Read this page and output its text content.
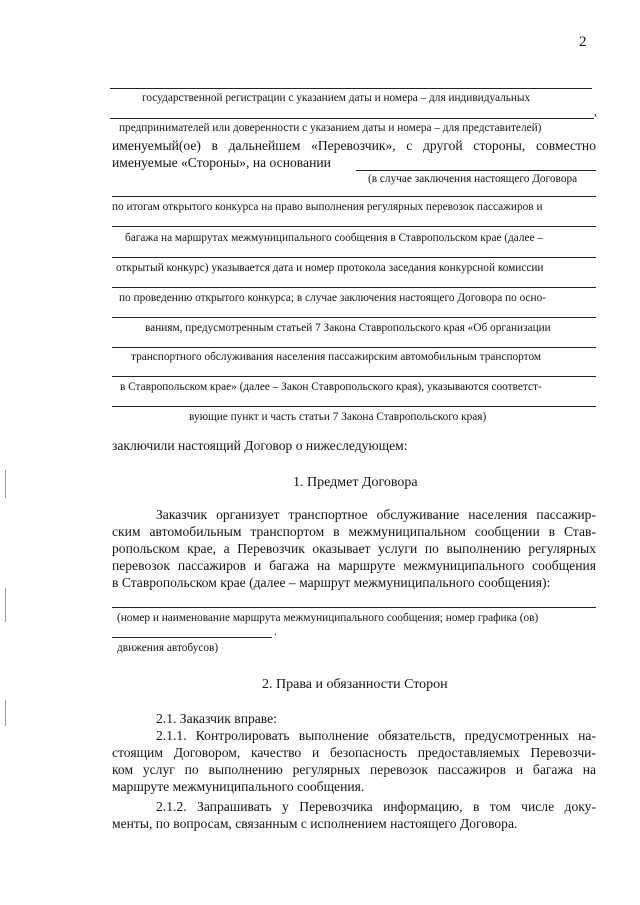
2
государственной регистрации с указанием даты и номера – для индивидуальных
,
предпринимателей или доверенности с указанием даты и номера – для представителей)
именуемый(ое) в дальнейшем «Перевозчик», с другой стороны, совместно
именуемые «Стороны», на основании
(в случае заключения настоящего Договора
по итогам открытого конкурса на право выполнения регулярных перевозок пассажиров и
багажа на маршрутах межмуниципального сообщения в Ставропольском крае (далее –
открытый конкурс) указывается дата и номер протокола заседания конкурсной комиссии
по проведению открытого конкурса; в случае заключения настоящего Договора по осно-
ваниям, предусмотренным статьей 7 Закона Ставропольского края «Об организации
транспортного обслуживания населения пассажирским автомобильным транспортом
в Ставропольском крае» (далее – Закон Ставропольского края), указываются соответст-
вующие пункт и часть статьи 7 Закона Ставропольского края)
заключили настоящий Договор о нижеследующем:
1. Предмет Договора
Заказчик организует транспортное обслуживание населения пассажир-
ским автомобильным транспортом в межмуниципальном сообщении в Став-
ропольском крае, а Перевозчик оказывает услуги по выполнению регулярных
перевозок пассажиров и багажа на маршруте межмуниципального сообщения
в Ставропольском крае (далее – маршрут межмуниципального сообщения):
(номер и наименование маршрута межмуниципального сообщения; номер графика (ов)
.
движения автобусов)
2. Права и обязанности Сторон
2.1. Заказчик вправе:
2.1.1. Контролировать выполнение обязательств, предусмотренных на-
стоящим Договором, качество и безопасность предоставляемых Перевозчи-
ком услуг по выполнению регулярных перевозок пассажиров и багажа на
маршруте межмуниципального сообщения.
2.1.2. Запрашивать у Перевозчика информацию, в том числе доку-
менты, по вопросам, связанным с исполнением настоящего Договора.
